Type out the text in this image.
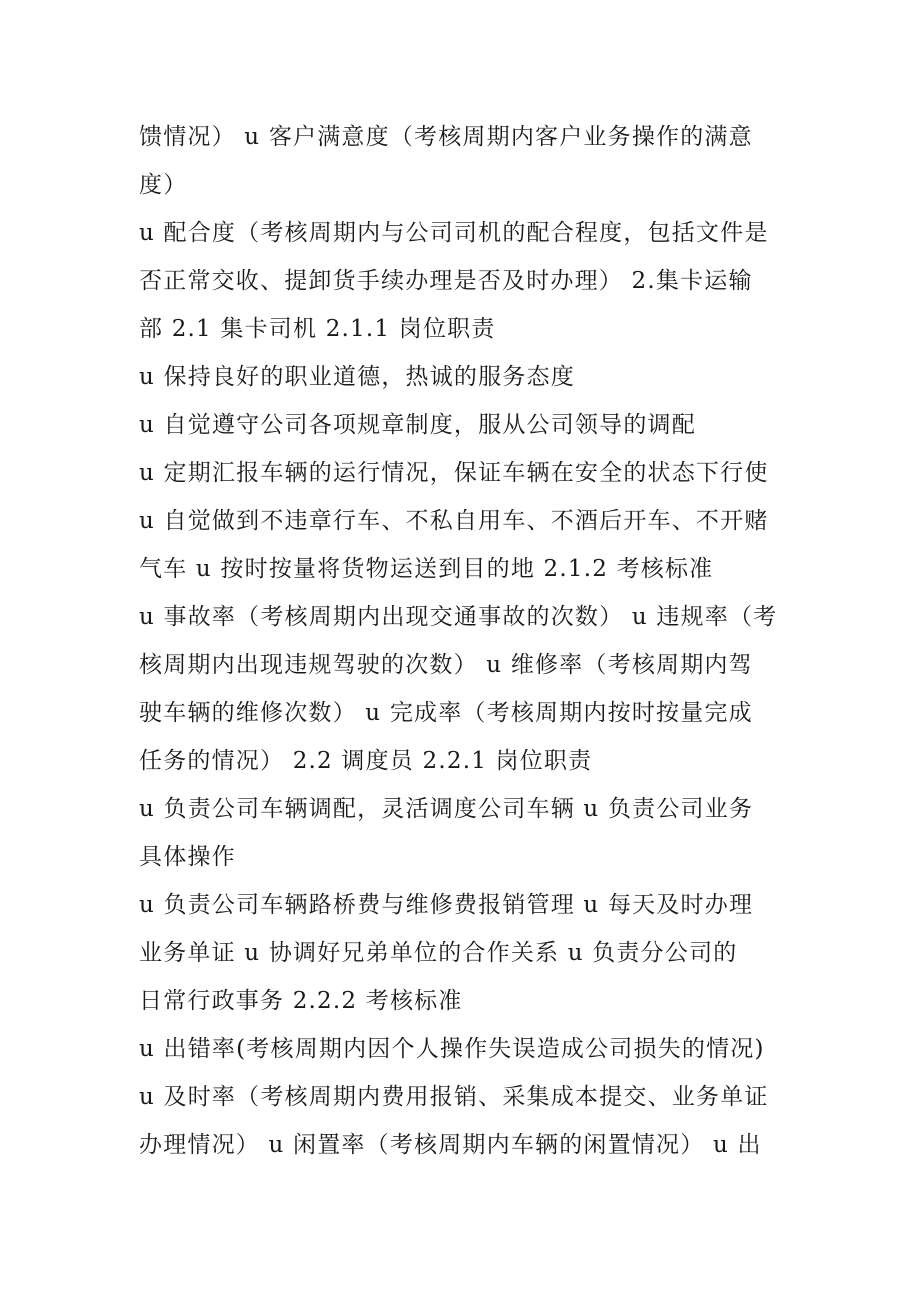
馈情况） u 客户满意度（考核周期内客户业务操作的满意
度）
u 配合度（考核周期内与公司司机的配合程度，包括文件是
否正常交收、提卸货手续办理是否及时办理） 2.集卡运输
部 2.1 集卡司机 2.1.1 岗位职责
u 保持良好的职业道德，热诚的服务态度
u 自觉遵守公司各项规章制度，服从公司领导的调配
u 定期汇报车辆的运行情况，保证车辆在安全的状态下行使
u 自觉做到不违章行车、不私自用车、不酒后开车、不开赌
气车 u 按时按量将货物运送到目的地 2.1.2 考核标准
u 事故率（考核周期内出现交通事故的次数） u 违规率（考
核周期内出现违规驾驶的次数） u 维修率（考核周期内驾
驶车辆的维修次数） u 完成率（考核周期内按时按量完成
任务的情况） 2.2 调度员 2.2.1 岗位职责
u 负责公司车辆调配，灵活调度公司车辆 u 负责公司业务
具体操作
u 负责公司车辆路桥费与维修费报销管理 u 每天及时办理
业务单证 u 协调好兄弟单位的合作关系 u 负责分公司的
日常行政事务 2.2.2 考核标准
u 出错率(考核周期内因个人操作失误造成公司损失的情况)
u 及时率（考核周期内费用报销、采集成本提交、业务单证
办理情况） u 闲置率（考核周期内车辆的闲置情况） u 出
